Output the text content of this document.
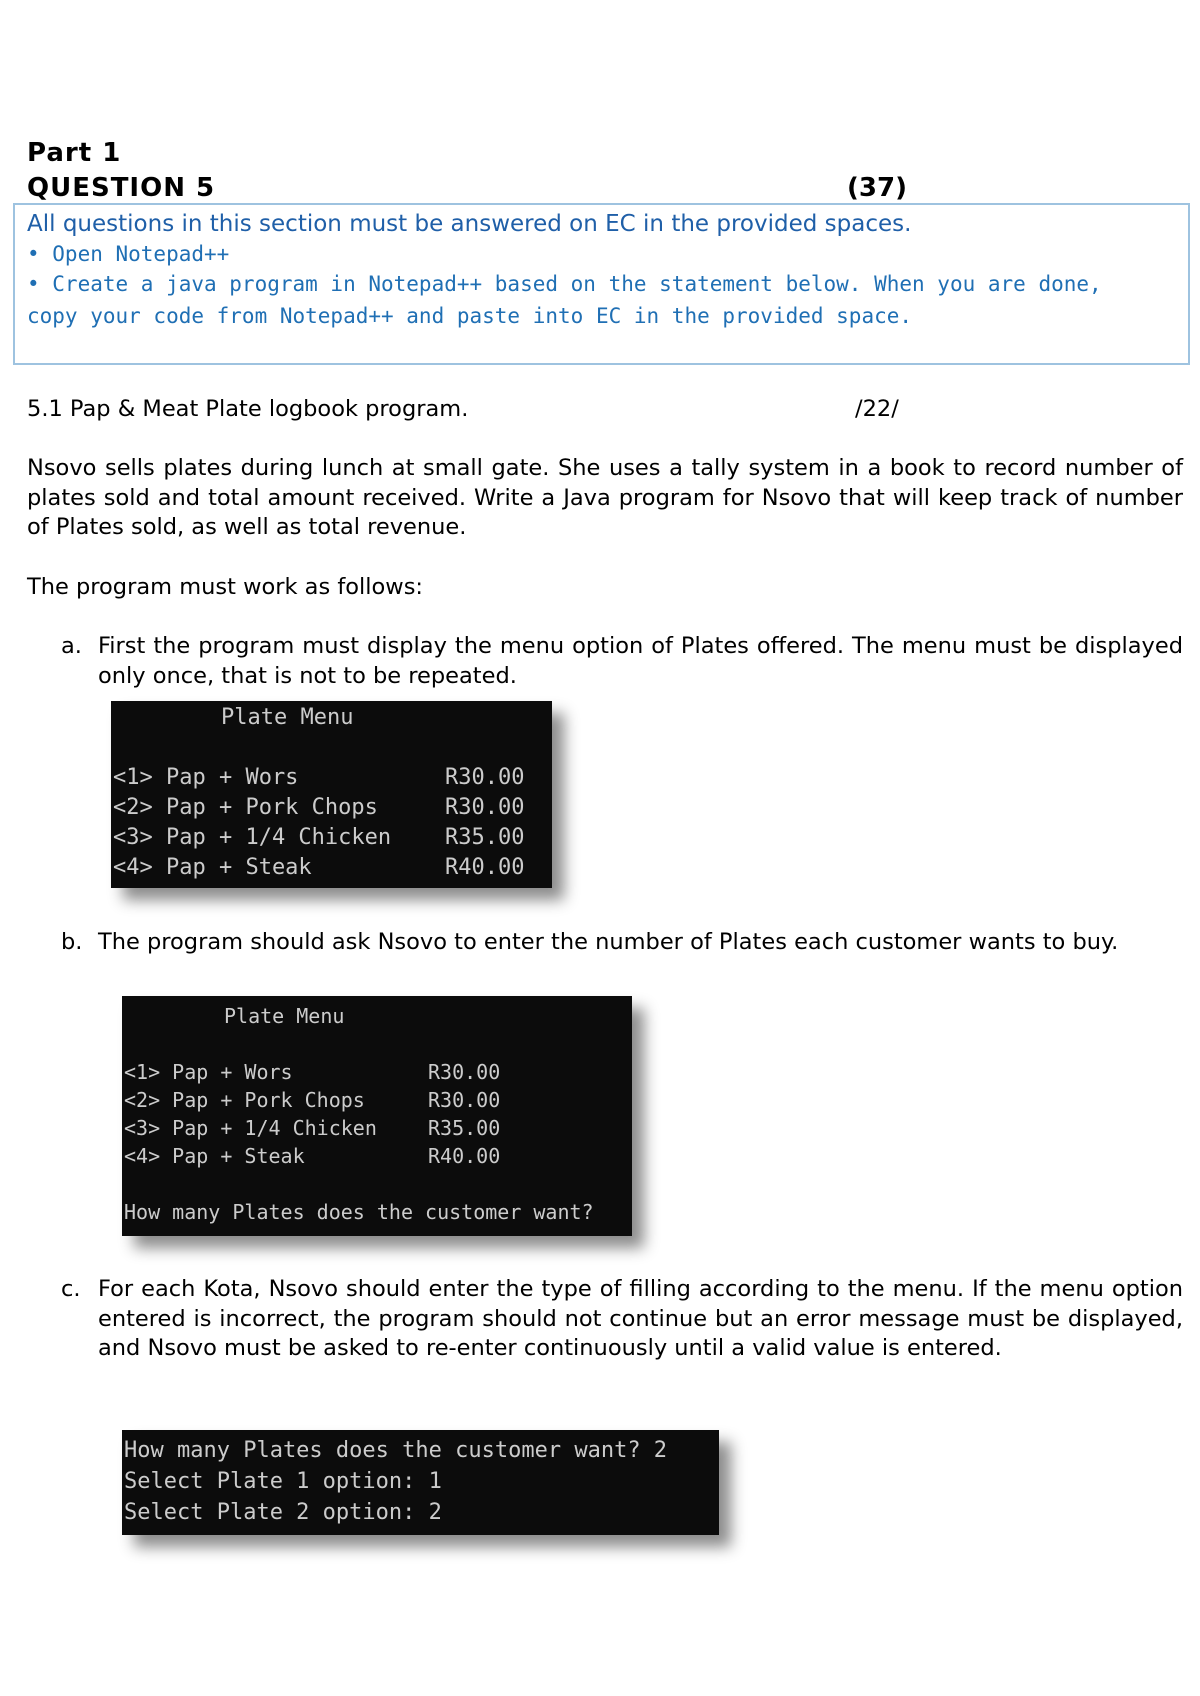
Part 1
QUESTION 5	(37)
All questions in this section must be answered on EC in the provided spaces.
• Open Notepad++
• Create a java program in Notepad++ based on the statement below. When you are done,
copy your code from Notepad++ and paste into EC in the provided space.
5.1 Pap & Meat Plate logbook program.	/22/
Nsovo sells plates during lunch at small gate. She uses a tally system in a book to record number of plates sold and total amount received. Write a Java program for Nsovo that will keep track of number of Plates sold, as well as total revenue.
The program must work as follows:
a. First the program must display the menu option of Plates offered. The menu must be displayed only once, that is not to be repeated.
Plate Menu
<1> Pap + Wors	R30.00
<2> Pap + Pork Chops	R30.00
<3> Pap + 1/4 Chicken R35.00
<4> Pap + Steak	R40.00
b. The program should ask Nsovo to enter the number of Plates each customer wants to buy.
Plate Menu
<1> Pap + Wors	R30.00
<2> Pap + Pork Chops	R30.00
<3> Pap + 1/4 Chicken	R35.00
<4> Pap + Steak	R40.00
How many Plates does the customer want?
c. For each Kota, Nsovo should enter the type of filling according to the menu. If the menu option entered is incorrect, the program should not continue but an error message must be displayed, and Nsovo must be asked to re-enter continuously until a valid value is entered.
How many Plates does the customer want? 2
Select Plate 1 option: 1
Select Plate 2 option: 2
